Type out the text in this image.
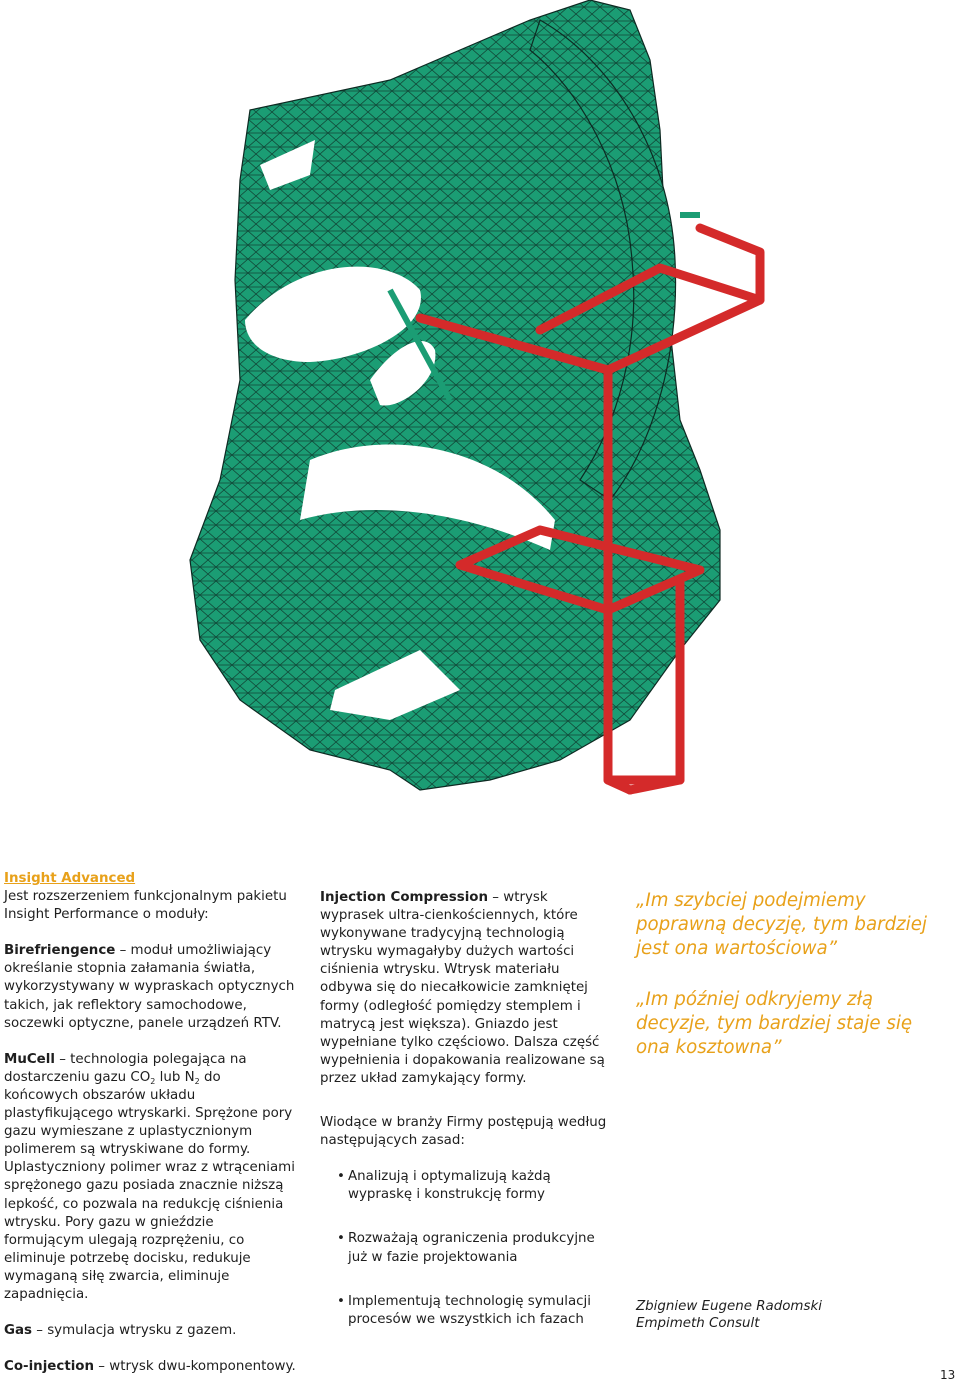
Insight Advanced

Jest rozszerzeniem funkcjonalnym pakietu Insight Performance o moduły:

Birefriengence – moduł umożliwiający określanie stopnia załamania światła, wykorzystywany w wypraskach optycznych takich, jak reflektory samochodowe, soczewki optyczne, panele urządzeń RTV.

MuCell – technologia polegająca na dostarczeniu gazu $CO_2$ lub $N_2$ do końcowych obszarów układu plastyfikującego wtryskarki. Sprężone pory gazu wymieszane z uplastycznionym polimerem są wtryskiwane do formy. Uplastyczniony polimer wraz z wtrąceniami sprężonego gazu posiada znacznie niższą lepkość, co pozwala na redukcję ciśnienia wtrysku. Pory gazu w gnieździe formującym ulegają rozprężeniu, co eliminuje potrzebę docisku, redukuje wymaganą siłę zwarcia, eliminuje zapadnięcia.

Gas – symulacja wtrysku z gazem.

Co-injection – wtrysk dwu-komponentowy.

Injection Compression – wtrysk wyprasek ultra-cienkościennych, które wykonywane tradycyjną technologią wtrysku wymagałyby dużych wartości ciśnienia wtrysku. Wtrysk materiału odbywa się do niecałkowicie zamkniętej formy (odległość pomiędzy stemplem i matrycą jest większa). Gniazdo jest wypełniane tylko częściowo. Dalsza część wypełnienia i dopakowania realizowane są przez układ zamykający formy.

Wiodące w branży Firmy postępują według następujących zasad:

• Analizują i optymalizują każdą wypraskę i konstrukcję formy
• Rozważają ograniczenia produkcyjne już w fazie projektowania
• Implementują technologię symulacji procesów we wszystkich ich fazach

„Im szybciej podejmiemy poprawną decyzję, tym bardziej jest ona wartościowa”

„Im później odkryjemy złą decyzje, tym bardziej staje się ona kosztowna”

Zbigniew Eugene Radomski
Empimeth Consult
13
